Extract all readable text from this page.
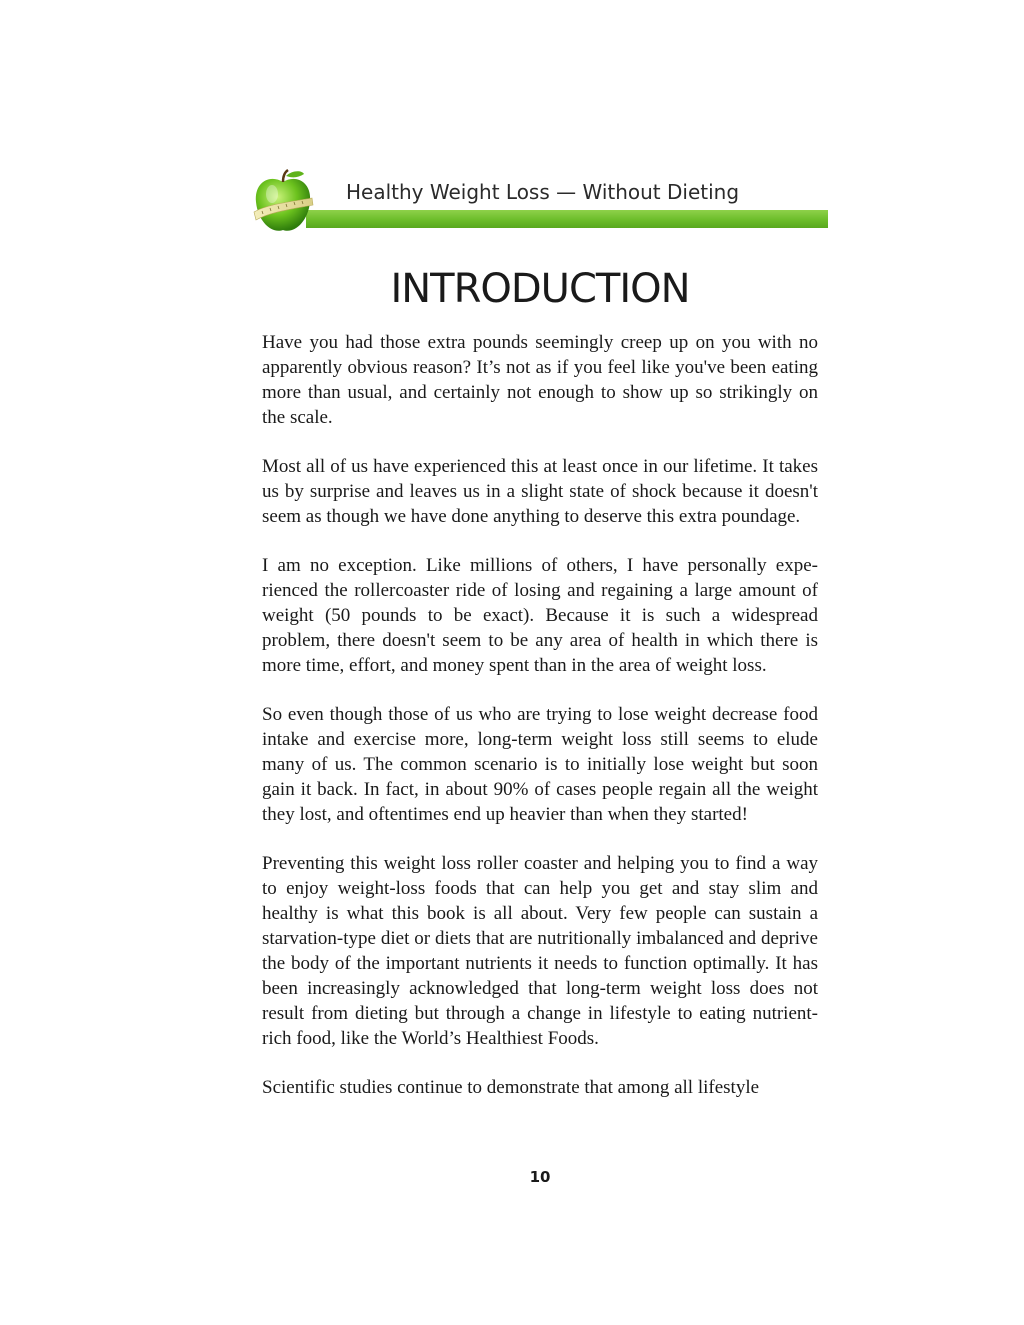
Healthy Weight Loss — Without Dieting
INTRODUCTION

Have you had those extra pounds seemingly creep up on you with no apparently obvious reason? It’s not as if you feel like you've been eating more than usual, and certainly not enough to show up so strikingly on the scale.

Most all of us have experienced this at least once in our lifetime. It takes us by surprise and leaves us in a slight state of shock because it doesn't seem as though we have done anything to deserve this extra poundage.

I am no exception. Like millions of others, I have personally expe-rienced the rollercoaster ride of losing and regaining a large amount of weight (50 pounds to be exact). Because it is such a widespread problem, there doesn't seem to be any area of health in which there is more time, effort, and money spent than in the area of weight loss.

So even though those of us who are trying to lose weight decrease food intake and exercise more, long-term weight loss still seems to elude many of us. The common scenario is to initially lose weight but soon gain it back. In fact, in about 90% of cases people regain all the weight they lost, and oftentimes end up heavier than when they started!

Preventing this weight loss roller coaster and helping you to find a way to enjoy weight-loss foods that can help you get and stay slim and healthy is what this book is all about. Very few people can sustain a starvation-type diet or diets that are nutritionally imbalanced and deprive the body of the important nutrients it needs to function optimally. It has been increasingly acknowledged that long-term weight loss does not result from dieting but through a change in lifestyle to eating nutrient-rich food, like the World’s Healthiest Foods.

Scientific studies continue to demonstrate that among all lifestyle

10
